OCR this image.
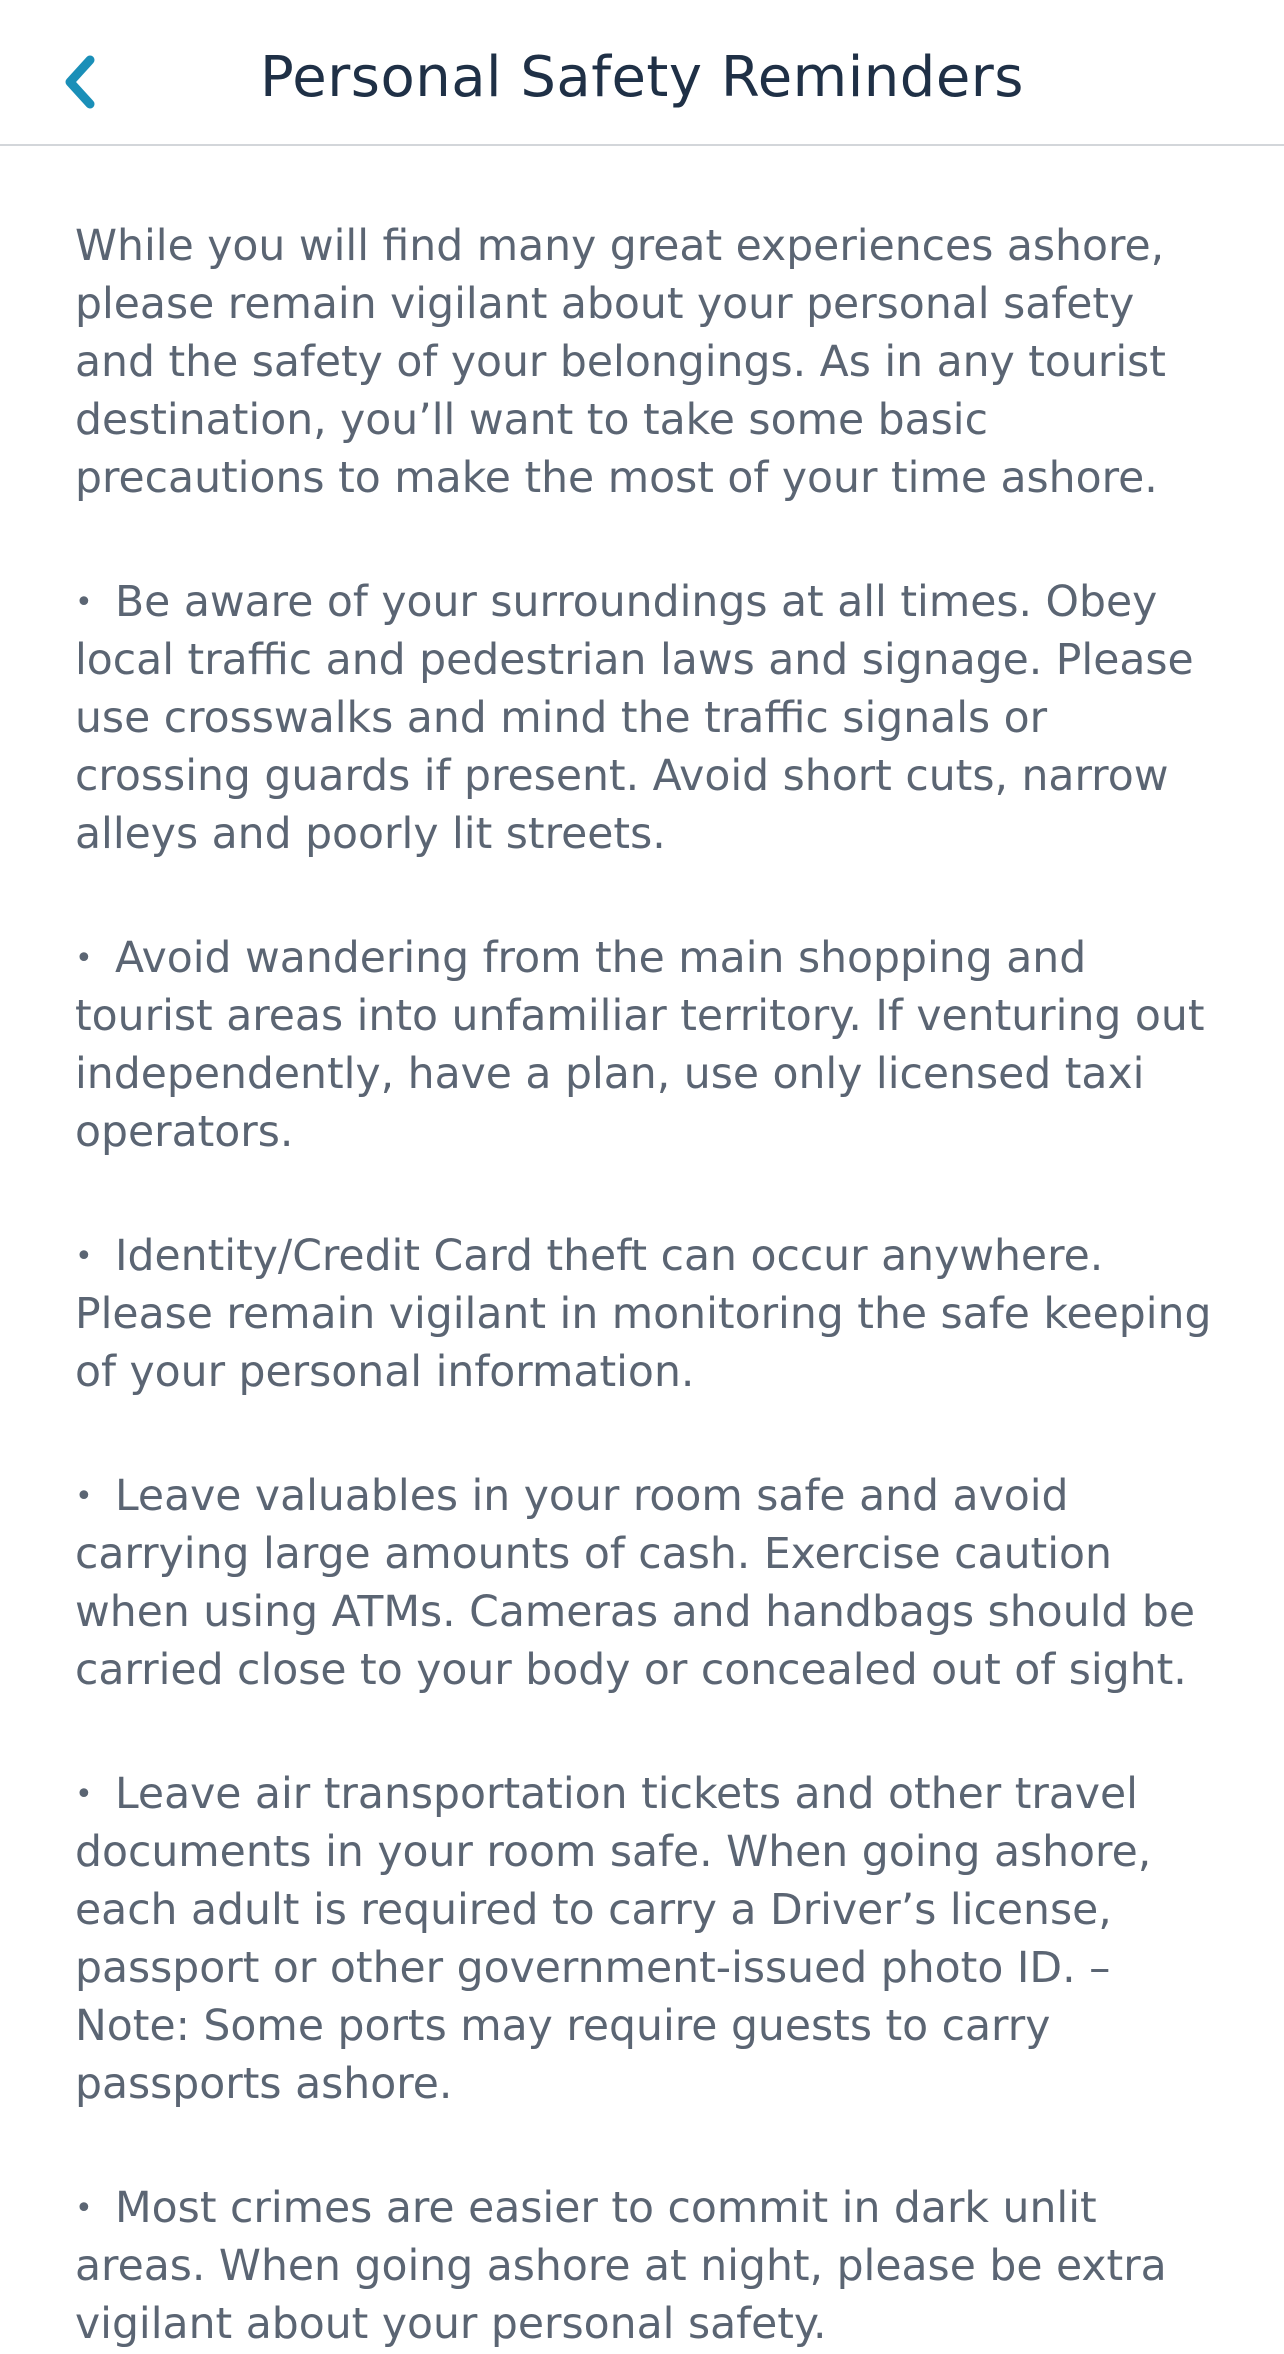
Personal Safety Reminders

While you will find many great experiences ashore, please remain vigilant about your personal safety and the safety of your belongings. As in any tourist destination, you’ll want to take some basic precautions to make the most of your time ashore.

• Be aware of your surroundings at all times. Obey local traffic and pedestrian laws and signage. Please use crosswalks and mind the traffic signals or crossing guards if present. Avoid short cuts, narrow alleys and poorly lit streets.

• Avoid wandering from the main shopping and tourist areas into unfamiliar territory. If venturing out independently, have a plan, use only licensed taxi operators.

• Identity/Credit Card theft can occur anywhere. Please remain vigilant in monitoring the safe keeping of your personal information.

• Leave valuables in your room safe and avoid carrying large amounts of cash. Exercise caution when using ATMs. Cameras and handbags should be carried close to your body or concealed out of sight.

• Leave air transportation tickets and other travel documents in your room safe. When going ashore, each adult is required to carry a Driver’s license, passport or other government-issued photo ID. – Note: Some ports may require guests to carry passports ashore.

• Most crimes are easier to commit in dark unlit areas. When going ashore at night, please be extra vigilant about your personal safety.
